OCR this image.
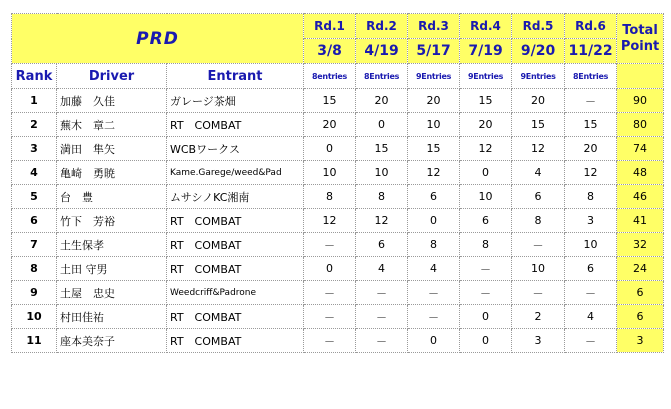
PRD			Rd.1	Rd.2	Rd.3	Rd.4	Rd.5	Rd.6	Total
Point
			3/8	4/19	5/17	7/19	9/20	11/22	
Rank	Driver	Entrant	8entries	8Entries	9Entries	9Entries	9Entries	8Entries	
1	加藤　久佳	ガレージ茶畑	15	20	20	15	20	－	90
2	蕪木　章二	RT　COMBAT	20	0	10	20	15	15	80
3	満田　隼矢	WCBワークス	0	15	15	12	12	20	74
4	亀崎　勇暁	Kame.Garege/weed&Pad	10	10	12	0	4	12	48
5	台　豊	ムサシノKC湘南	8	8	6	10	6	8	46
6	竹下　芳裕	RT　COMBAT	12	12	0	6	8	3	41
7	土生保孝	RT　COMBAT	－	6	8	8	－	10	32
8	土田 守男	RT　COMBAT	0	4	4	－	10	6	24
9	土屋　忠史	Weedcriff&Padrone	－	－	－	－	－	－	6
10	村田佳祐	RT　COMBAT	－	－	－	0	2	4	6
11	座本美奈子	RT　COMBAT	－	－	0	0	3	－	3
